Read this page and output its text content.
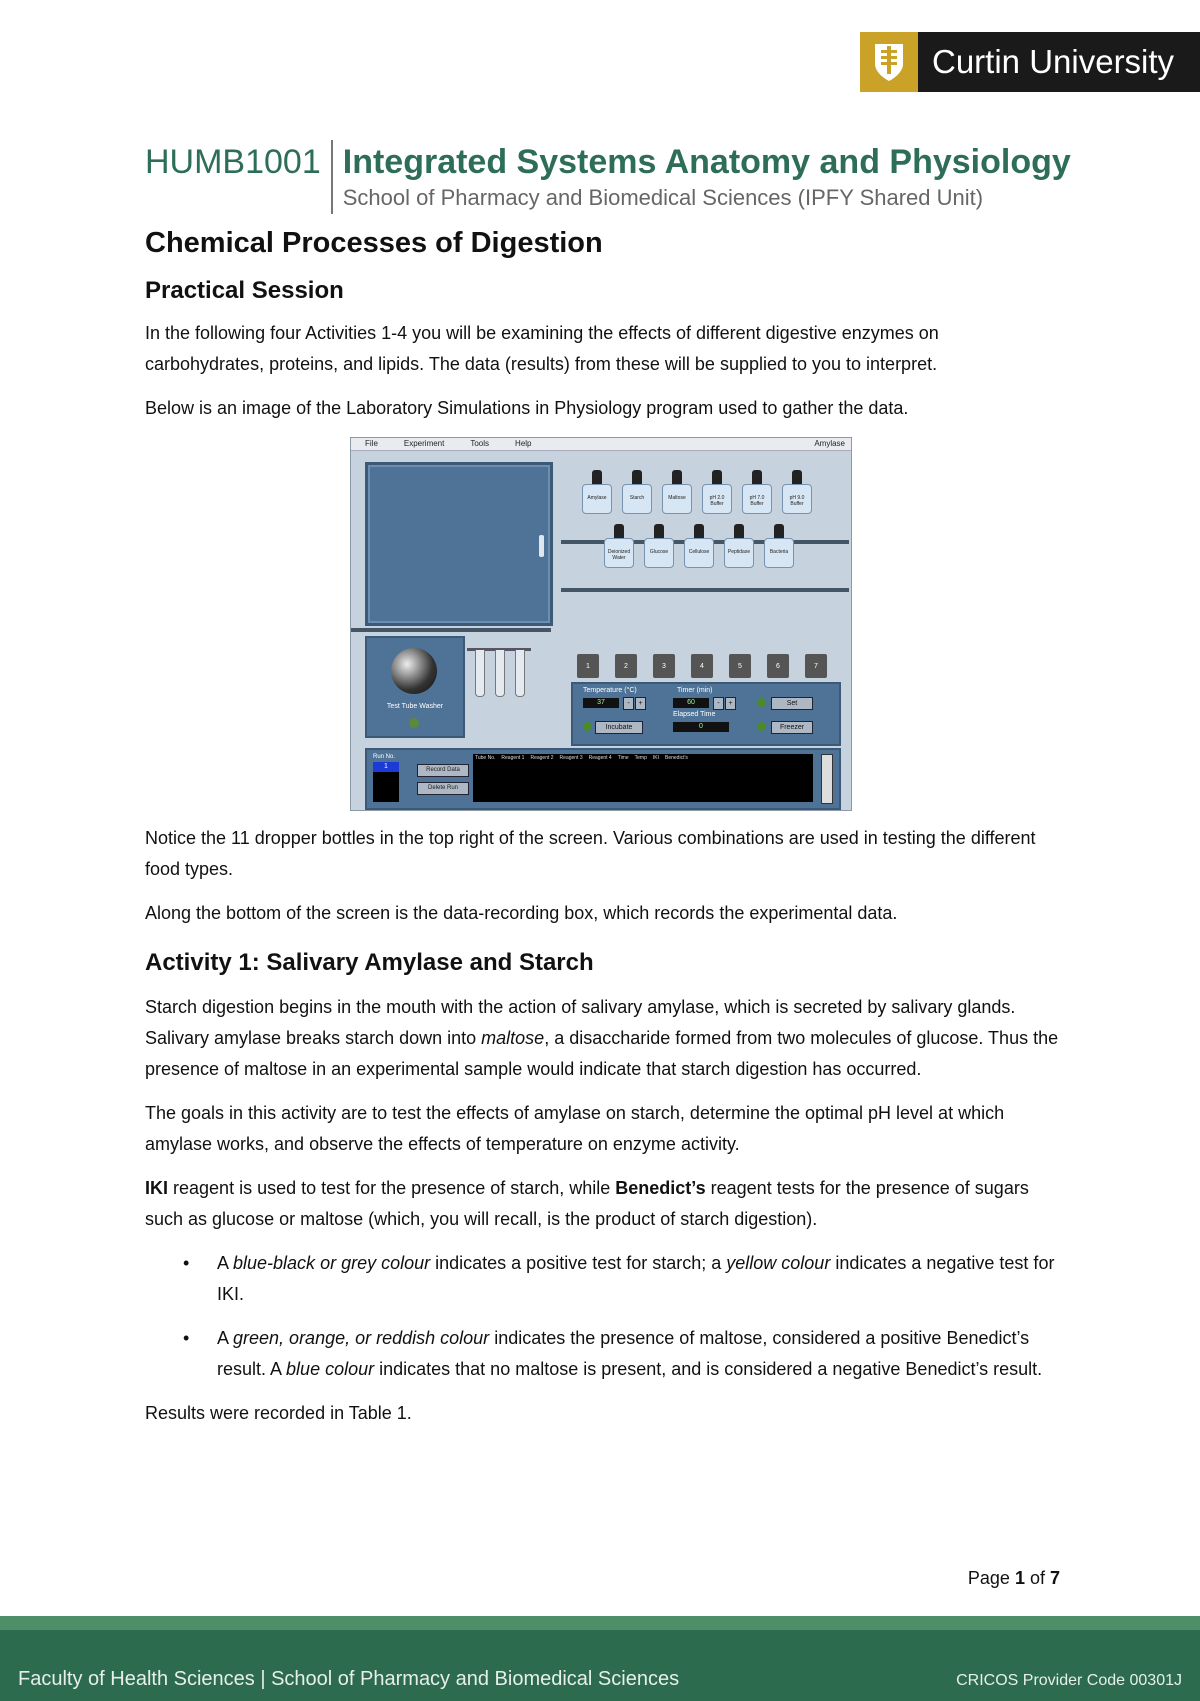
Curtin University
HUMB1001 Integrated Systems Anatomy and Physiology
School of Pharmacy and Biomedical Sciences (IPFY Shared Unit)
Chemical Processes of Digestion
Practical Session

In the following four Activities 1-4 you will be examining the effects of different digestive enzymes on carbohydrates, proteins, and lipids. The data (results) from these will be supplied to you to interpret.

Below is an image of the Laboratory Simulations in Physiology program used to gather the data.

File	Experiment	Tools	Help	Amylase
Amylase	Starch	Maltose	pH 2.0 Buffer
pH 7.0 Buffer
pH 9.0 Buffer
Deionized Water
Glucose	Cellulose	Peptidase	Bacteria
Test Tube Washer
1	2	3	4	5	6	7
Temperature (°C)	Timer (min)
37	-	+	60	-	+	Set
Elapsed Time
Incubate	0	Freezer
Run No.
1	Record Data
Delete Run
Tube No. Reagent 1 Reagent 2 Reagent 3 Reagent 4 Time Temp IKI Benedict's

Notice the 11 dropper bottles in the top right of the screen. Various combinations are used in testing the different food types.

Along the bottom of the screen is the data-recording box, which records the experimental data.

Activity 1: Salivary Amylase and Starch

Starch digestion begins in the mouth with the action of salivary amylase, which is secreted by salivary glands. Salivary amylase breaks starch down into maltose, a disaccharide formed from two molecules of glucose. Thus the presence of maltose in an experimental sample would indicate that starch digestion has occurred.

The goals in this activity are to test the effects of amylase on starch, determine the optimal pH level at which amylase works, and observe the effects of temperature on enzyme activity.

IKI reagent is used to test for the presence of starch, while Benedict’s reagent tests for the presence of sugars such as glucose or maltose (which, you will recall, is the product of starch digestion).

• A blue-black or grey colour indicates a positive test for starch; a yellow colour indicates a negative test for IKI.
• A green, orange, or reddish colour indicates the presence of maltose, considered a positive Benedict’s result. A blue colour indicates that no maltose is present, and is considered a negative Benedict’s result.

Results were recorded in Table 1.

Page 1 of 7
Faculty of Health Sciences | School of Pharmacy and Biomedical Sciences	CRICOS Provider Code 00301J
